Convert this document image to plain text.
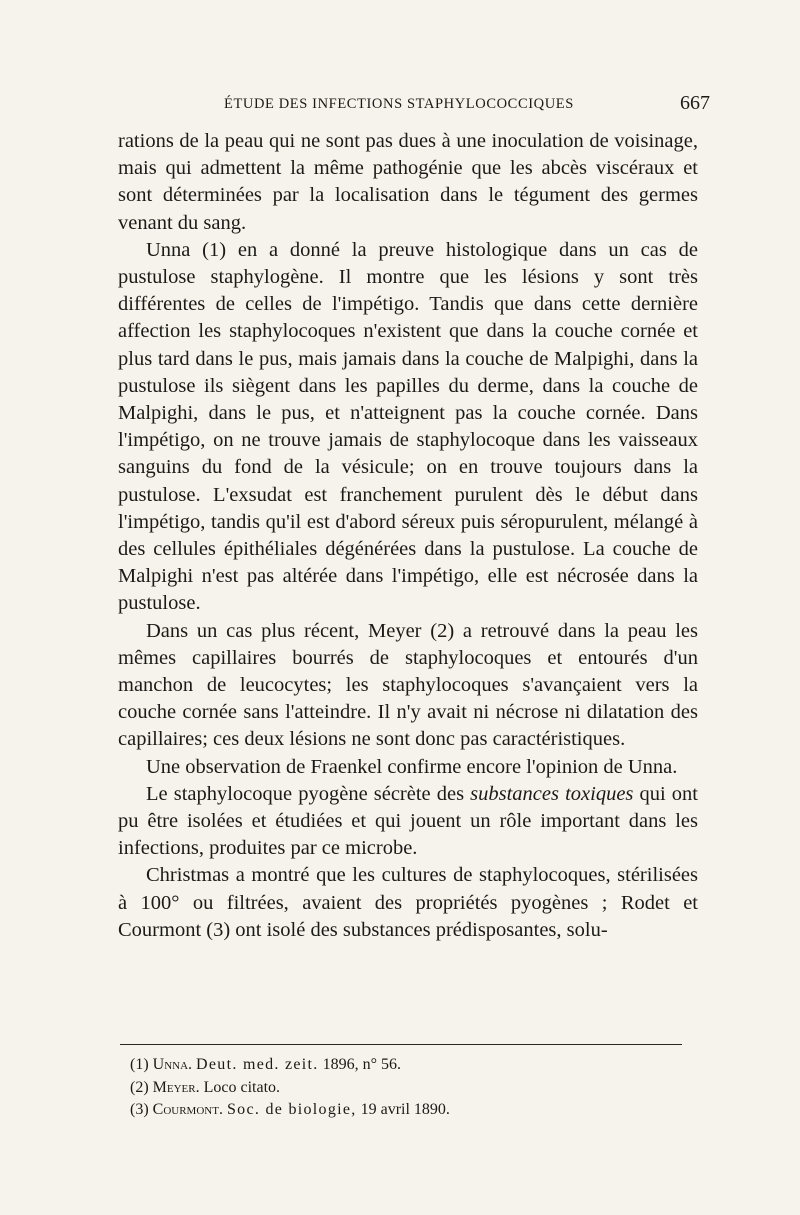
ÉTUDE DES INFECTIONS STAPHYLOCOCCIQUES	667

rations de la peau qui ne sont pas dues à une inoculation de voisinage, mais qui admettent la même pathogénie que les abcès viscéraux et sont déterminées par la localisation dans le tégument des germes venant du sang.

Unna (1) en a donné la preuve histologique dans un cas de pustulose staphylogène. Il montre que les lésions y sont très différentes de celles de l'impétigo. Tandis que dans cette dernière affection les staphylocoques n'existent que dans la couche cornée et plus tard dans le pus, mais jamais dans la couche de Malpighi, dans la pustulose ils siègent dans les papilles du derme, dans la couche de Malpighi, dans le pus, et n'atteignent pas la couche cornée. Dans l'impétigo, on ne trouve jamais de staphylocoque dans les vaisseaux sanguins du fond de la vésicule; on en trouve toujours dans la pustulose. L'exsudat est franchement purulent dès le début dans l'impétigo, tandis qu'il est d'abord séreux puis séropurulent, mélangé à des cellules épithéliales dégénérées dans la pustulose. La couche de Malpighi n'est pas altérée dans l'impétigo, elle est nécrosée dans la pustulose.

Dans un cas plus récent, Meyer (2) a retrouvé dans la peau les mêmes capillaires bourrés de staphylocoques et entourés d'un manchon de leucocytes; les staphylocoques s'avançaient vers la couche cornée sans l'atteindre. Il n'y avait ni nécrose ni dilatation des capillaires; ces deux lésions ne sont donc pas caractéristiques.

Une observation de Fraenkel confirme encore l'opinion de Unna.

Le staphylocoque pyogène sécrète des substances toxiques qui ont pu être isolées et étudiées et qui jouent un rôle important dans les infections, produites par ce microbe.

Christmas a montré que les cultures de staphylocoques, stérilisées à 100° ou filtrées, avaient des propriétés pyogènes ; Rodet et Courmont (3) ont isolé des substances prédisposantes, solu-

(1) Unna. Deut. med. zeit. 1896, n° 56.
(2) Meyer. Loco citato.
(3) Courmont. Soc. de biologie, 19 avril 1890.
